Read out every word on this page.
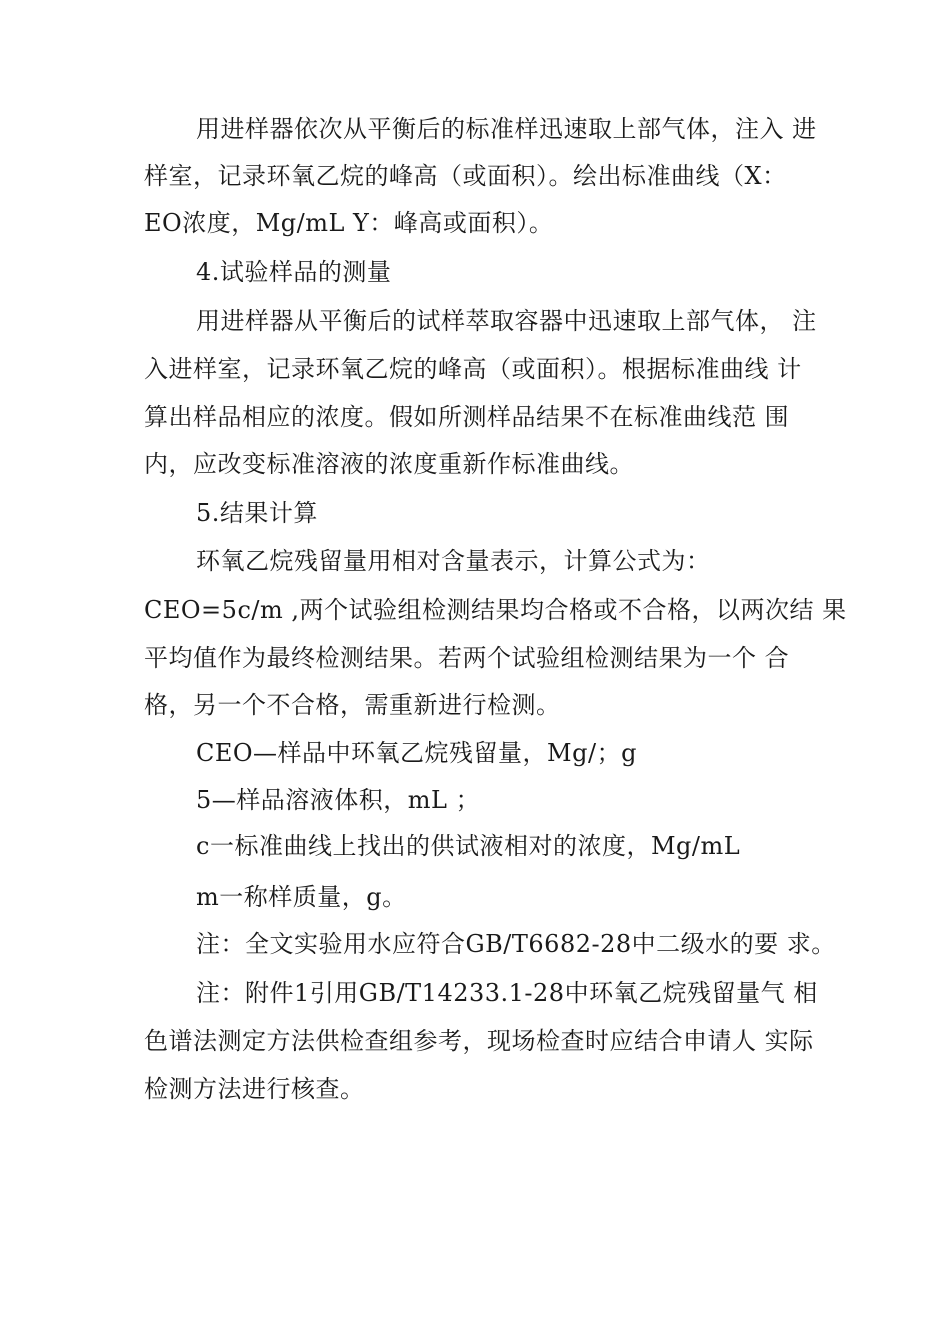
用进样器依次从平衡后的标准样迅速取上部气体，注入 进
样室，记录环氧乙烷的峰高（或面积）。绘出标准曲线（X：
EO浓度，Mg/mL Y：峰高或面积）。
4.试验样品的测量
用进样器从平衡后的试样萃取容器中迅速取上部气体， 注
入进样室，记录环氧乙烷的峰高（或面积）。根据标准曲线 计
算出样品相应的浓度。假如所测样品结果不在标准曲线范 围
内，应改变标准溶液的浓度重新作标准曲线。
5.结果计算
环氧乙烷残留量用相对含量表示，计算公式为：
CEO=5c/m ,两个试验组检测结果均合格或不合格，以两次结 果
平均值作为最终检测结果。若两个试验组检测结果为一个 合
格，另一个不合格，需重新进行检测。
CEO—样品中环氧乙烷残留量，Mg/；g
5—样品溶液体积，mL ；
c一标准曲线上找出的供试液相对的浓度，Mg/mL
m一称样质量，g。
注：全文实验用水应符合GB/T6682-28中二级水的要 求。
注：附件1引用GB/T14233.1-28中环氧乙烷残留量气 相
色谱法测定方法供检查组参考，现场检查时应结合申请人 实际
检测方法进行核查。
